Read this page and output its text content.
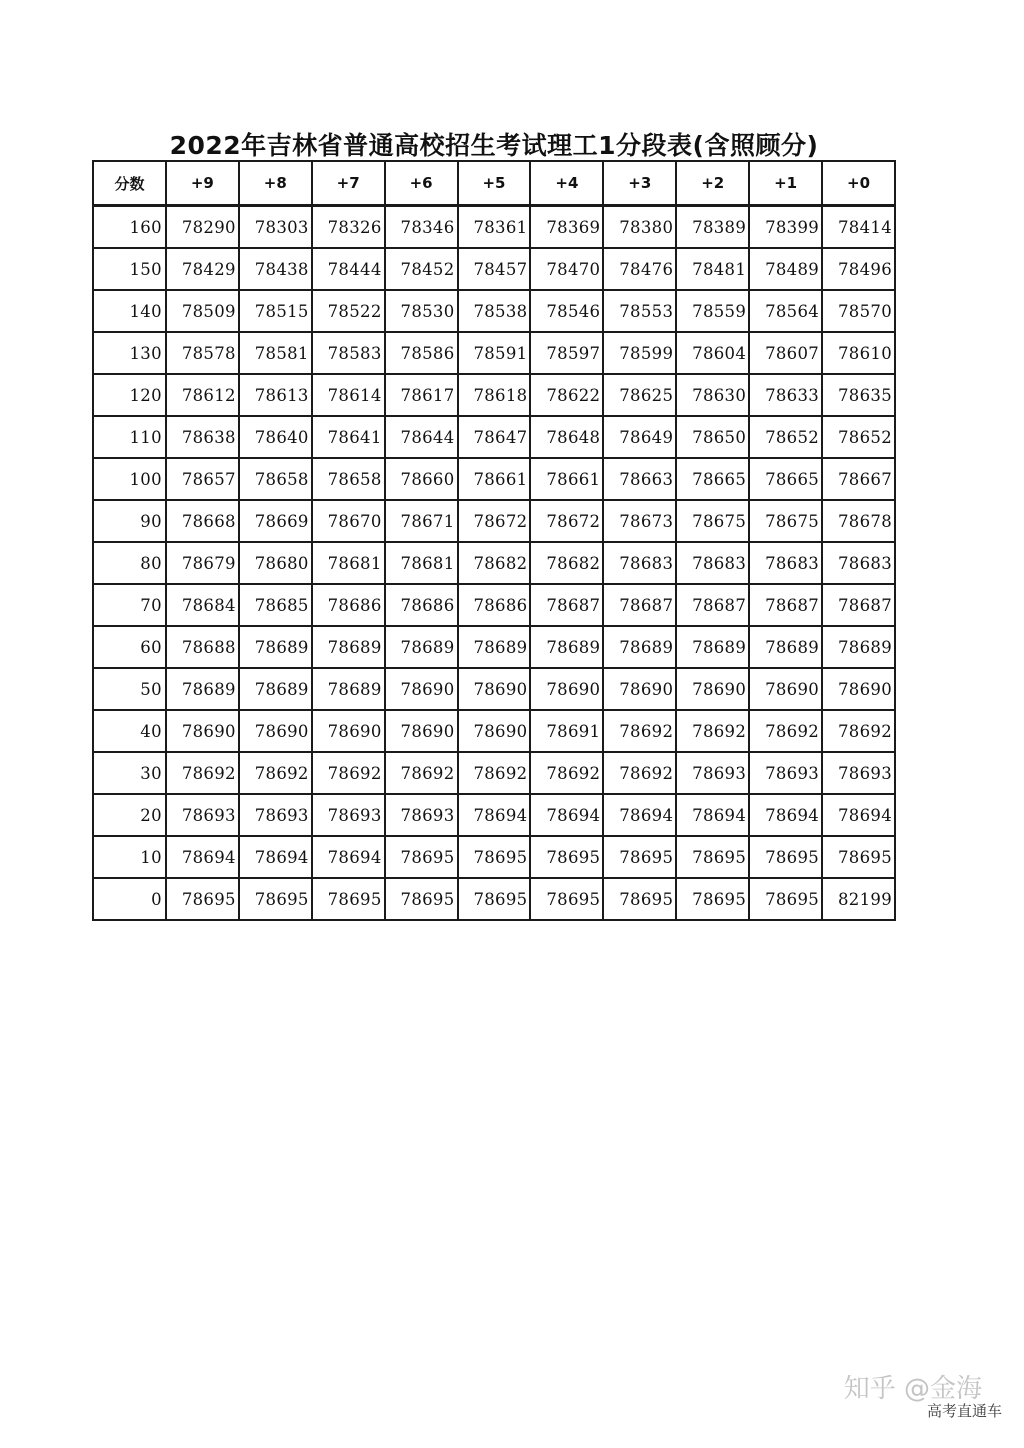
2022年吉林省普通高校招生考试理工1分段表(含照顾分)
分数	+9	+8	+7	+6	+5	+4	+3	+2	+1	+0
160	78290	78303	78326	78346	78361	78369	78380	78389	78399	78414
150	78429	78438	78444	78452	78457	78470	78476	78481	78489	78496
140	78509	78515	78522	78530	78538	78546	78553	78559	78564	78570
130	78578	78581	78583	78586	78591	78597	78599	78604	78607	78610
120	78612	78613	78614	78617	78618	78622	78625	78630	78633	78635
110	78638	78640	78641	78644	78647	78648	78649	78650	78652	78652
100	78657	78658	78658	78660	78661	78661	78663	78665	78665	78667
90	78668	78669	78670	78671	78672	78672	78673	78675	78675	78678
80	78679	78680	78681	78681	78682	78682	78683	78683	78683	78683
70	78684	78685	78686	78686	78686	78687	78687	78687	78687	78687
60	78688	78689	78689	78689	78689	78689	78689	78689	78689	78689
50	78689	78689	78689	78690	78690	78690	78690	78690	78690	78690
40	78690	78690	78690	78690	78690	78691	78692	78692	78692	78692
30	78692	78692	78692	78692	78692	78692	78692	78693	78693	78693
20	78693	78693	78693	78693	78694	78694	78694	78694	78694	78694
10	78694	78694	78694	78695	78695	78695	78695	78695	78695	78695
0	78695	78695	78695	78695	78695	78695	78695	78695	78695	82199
知乎 @金海
高考直通车
